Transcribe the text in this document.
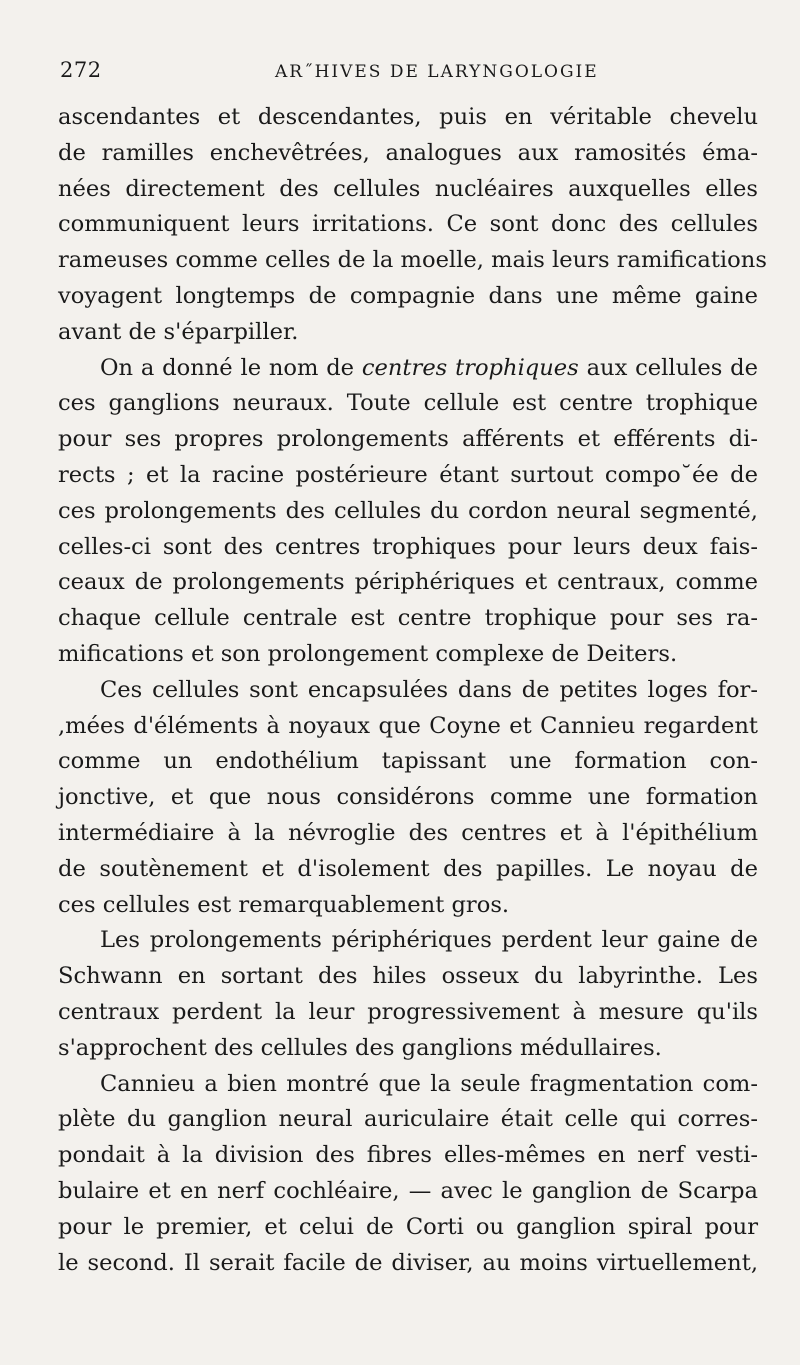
272	AR˝HIVES DE LARYNGOLOGIE
ascendantes et descendantes, puis en véritable chevelu
de ramilles enchevêtrées, analogues aux ramosités éma-
nées directement des cellules nucléaires auxquelles elles
communiquent leurs irritations. Ce sont donc des cellules
rameuses comme celles de la moelle, mais leurs ramifications
voyagent longtemps de compagnie dans une même gaine
avant de s'éparpiller.
On a donné le nom de centres trophiques aux cellules de
ces ganglions neuraux. Toute cellule est centre trophique
pour ses propres prolongements afférents et efférents di-
rects ; et la racine postérieure étant surtout compo˘ée de
ces prolongements des cellules du cordon neural segmenté,
celles-ci sont des centres trophiques pour leurs deux fais-
ceaux de prolongements périphériques et centraux, comme
chaque cellule centrale est centre trophique pour ses ra-
mifications et son prolongement complexe de Deiters.
Ces cellules sont encapsulées dans de petites loges for-
,mées d'éléments à noyaux que Coyne et Cannieu regardent
comme un endothélium tapissant une formation con-
jonctive, et que nous considérons comme une formation
intermédiaire à la névroglie des centres et à l'épithélium
de soutènement et d'isolement des papilles. Le noyau de
ces cellules est remarquablement gros.
Les prolongements périphériques perdent leur gaine de
Schwann en sortant des hiles osseux du labyrinthe. Les
centraux perdent la leur progressivement à mesure qu'ils
s'approchent des cellules des ganglions médullaires.
Cannieu a bien montré que la seule fragmentation com-
plète du ganglion neural auriculaire était celle qui corres-
pondait à la division des fibres elles-mêmes en nerf vesti-
bulaire et en nerf cochléaire, — avec le ganglion de Scarpa
pour le premier, et celui de Corti ou ganglion spiral pour
le second. Il serait facile de diviser, au moins virtuellement,
